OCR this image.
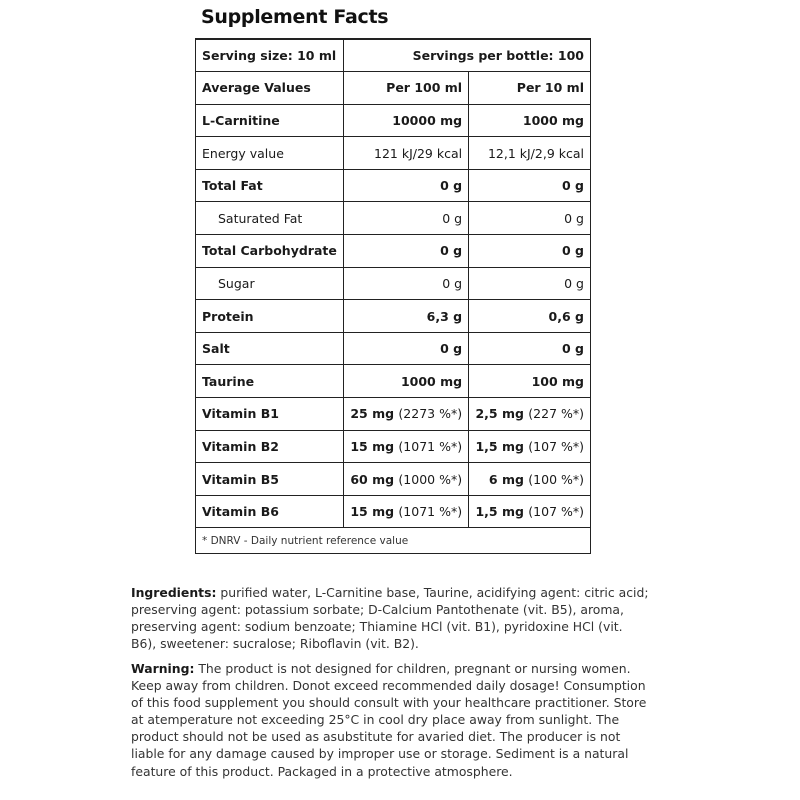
Supplement Facts
Serving size: 10 ml	Servings per bottle: 100	
Average Values	Per 100 ml	Per 10 ml
L-Carnitine	10000 mg	1000 mg
Energy value	121 kJ/29 kcal	12,1 kJ/2,9 kcal
Total Fat	0 g	0 g
Saturated Fat	0 g	0 g
Total Carbohydrate	0 g	0 g
Sugar	0 g	0 g
Protein	6,3 g	0,6 g
Salt	0 g	0 g
Taurine	1000 mg	100 mg
Vitamin B1	25 mg (2273 %*)	2,5 mg (227 %*)
Vitamin B2	15 mg (1071 %*)	1,5 mg (107 %*)
Vitamin B5	60 mg (1000 %*)	6 mg (100 %*)
Vitamin B6	15 mg (1071 %*)	1,5 mg (107 %*)
* DNRV - Daily nutrient reference value		
Ingredients: purified water, L-Carnitine base, Taurine, acidifying agent: citric acid; preserving agent: potassium sorbate; D-Calcium Pantothenate (vit. B5), aroma, preserving agent: sodium benzoate; Thiamine HCl (vit. B1), pyridoxine HCl (vit. B6), sweetener: sucralose; Riboflavin (vit. B2).
Warning: The product is not designed for children, pregnant or nursing women. Keep away from children. Donot exceed recommended daily dosage! Consumption of this food supplement you should consult with your healthcare practitioner. Store at atemperature not exceeding 25°C in cool dry place away from sunlight. The product should not be used as asubstitute for avaried diet. The producer is not liable for any damage caused by improper use or storage. Sediment is a natural feature of this product. Packaged in a protective atmosphere.
